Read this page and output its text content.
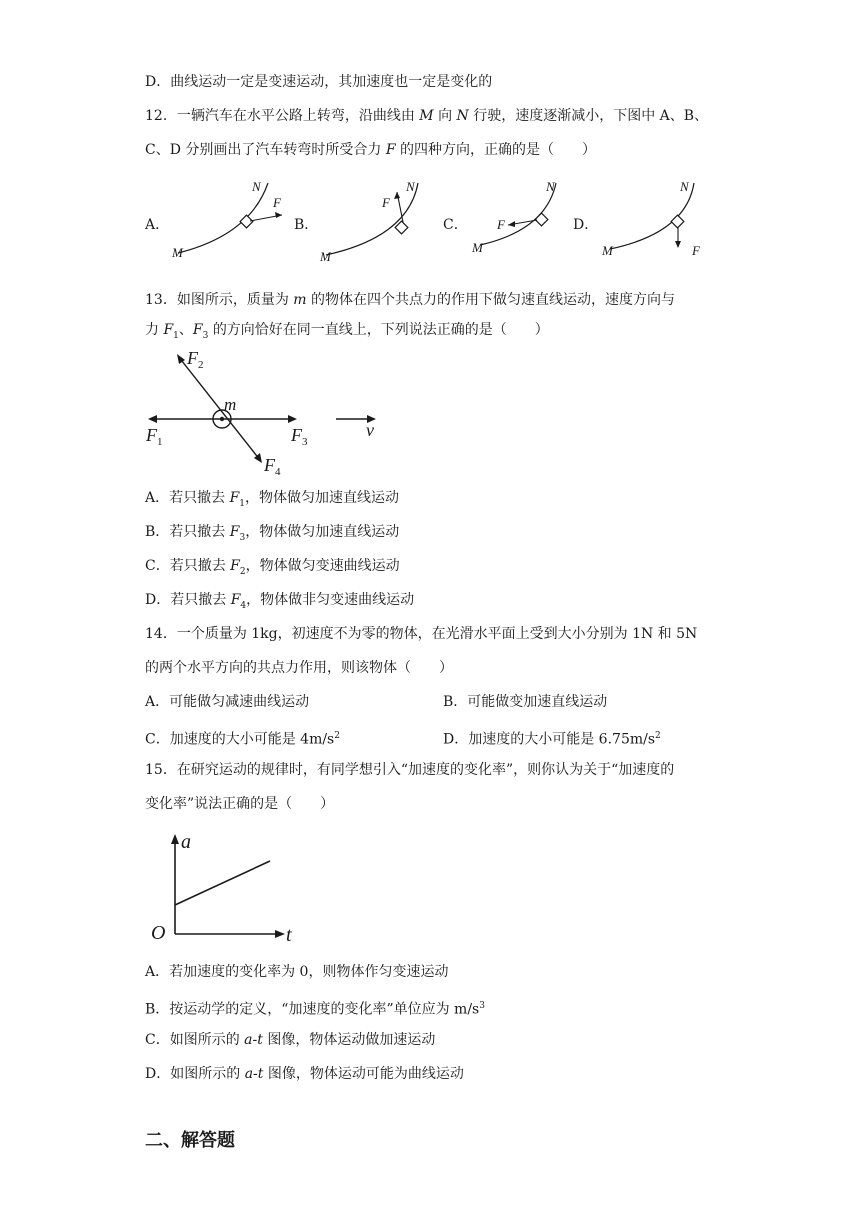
D．曲线运动一定是变速运动，其加速度也一定是变化的
12．一辆汽车在水平公路上转弯，沿曲线由 M 向 N 行驶，速度逐渐减小，下图中 A、B、
C、D 分别画出了汽车转弯时所受合力 F 的四种方向，正确的是（　　）
A．	B．	C．	D．
M
N
F
M
N
F
M
N
F
M
N
F
13．如图所示，质量为 m 的物体在四个共点力的作用下做匀速直线运动，速度方向与
力 $F_1$、$F_3$ 的方向恰好在同一直线上，下列说法正确的是（　　）
$F_2$
m
$F_1$	$F_3$
$F_4$
v
A．若只撤去 $F_1$，物体做匀加速直线运动
B．若只撤去 $F_3$，物体做匀加速直线运动
C．若只撤去 $F_2$，物体做匀变速曲线运动
D．若只撤去 $F_4$，物体做非匀变速曲线运动
14．一个质量为 1kg，初速度不为零的物体，在光滑水平面上受到大小分别为 1N 和 5N
的两个水平方向的共点力作用，则该物体（　　）
A．可能做匀减速曲线运动	B．可能做变加速直线运动
C．加速度的大小可能是 $4m/s^2$	D．加速度的大小可能是 $6.75m/s^2$
15．在研究运动的规律时，有同学想引入“加速度的变化率”，则你认为关于“加速度的
变化率”说法正确的是（　　）
a
t
O
A．若加速度的变化率为 0，则物体作匀变速运动
B．按运动学的定义，“加速度的变化率”单位应为 $m/s^3$
C．如图所示的 a-t 图像，物体运动做加速运动
D．如图所示的 a-t 图像，物体运动可能为曲线运动
二、解答题
